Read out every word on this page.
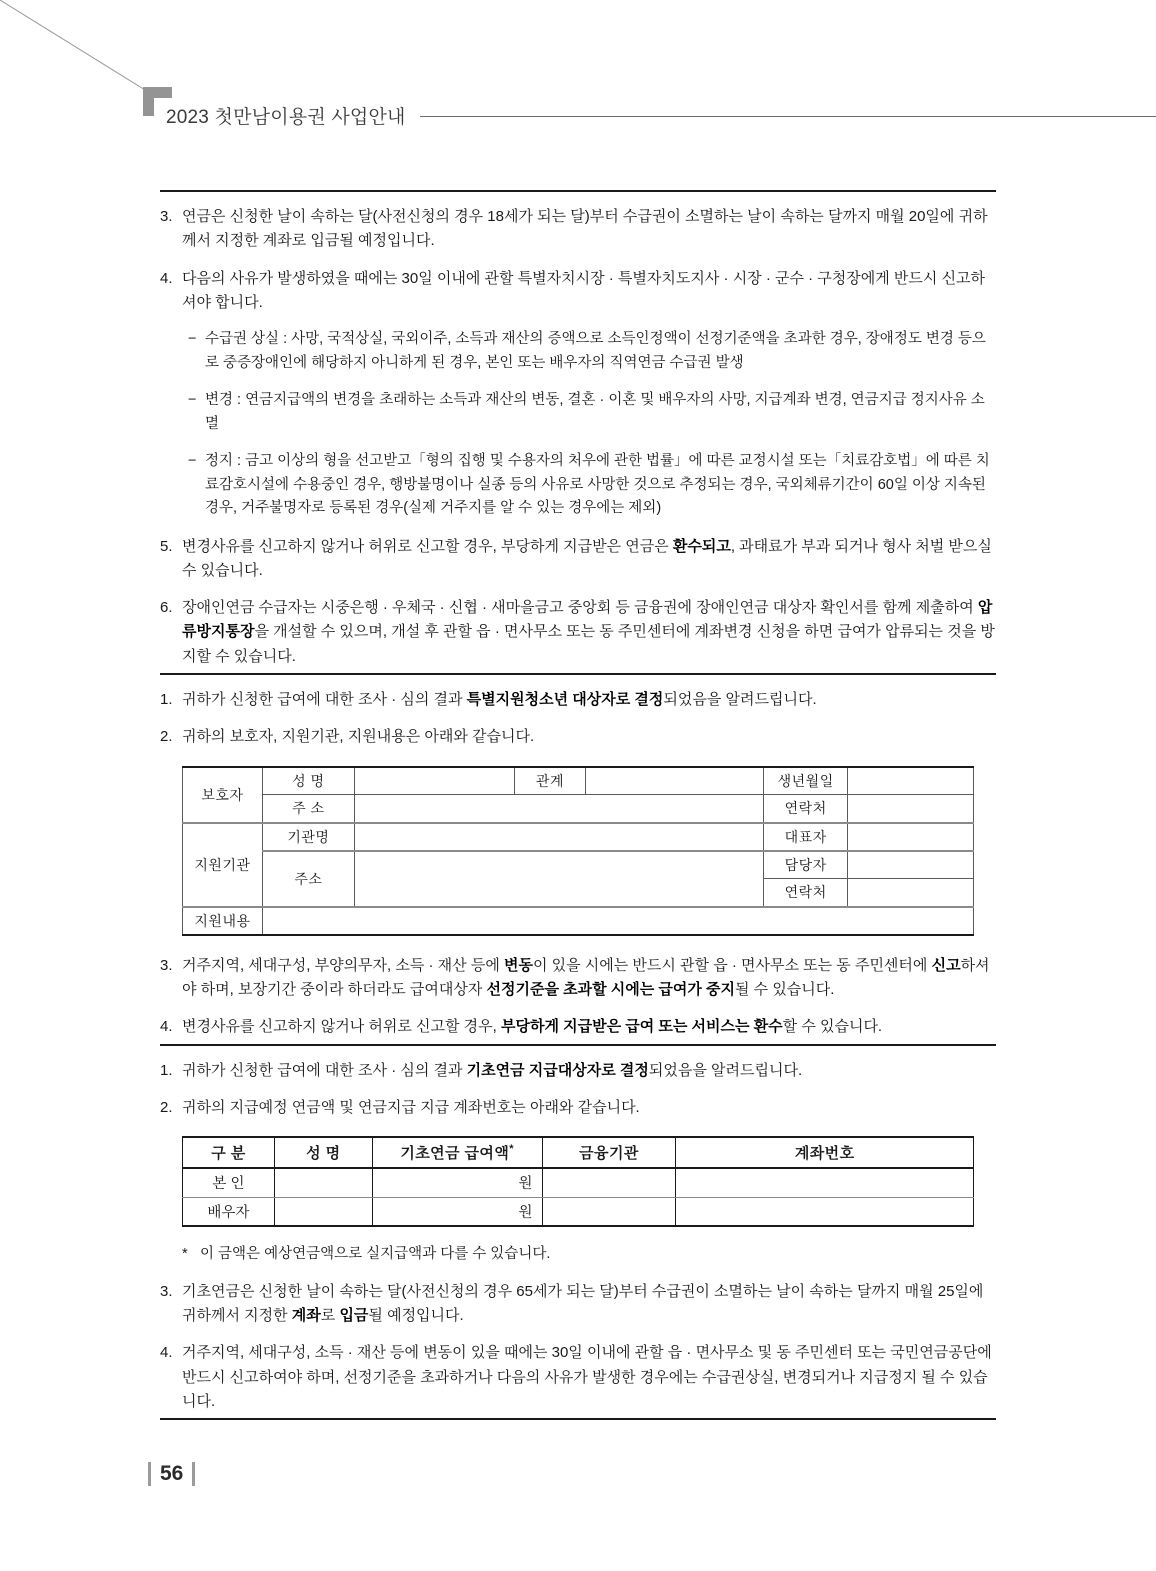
2023 첫만남이용권 사업안내
3. 연금은 신청한 날이 속하는 달(사전신청의 경우 18세가 되는 달)부터 수급권이 소멸하는 날이 속하는 달까지 매월 20일에 귀하께서 지정한 계좌로 입금될 예정입니다.
4. 다음의 사유가 발생하였을 때에는 30일 이내에 관할 특별자치시장 · 특별자치도지사 · 시장 · 군수 · 구청장에게 반드시 신고하셔야 합니다.
− 수급권 상실 : 사망, 국적상실, 국외이주, 소득과 재산의 증액으로 소득인정액이 선정기준액을 초과한 경우, 장애정도 변경 등으로 중증장애인에 해당하지 아니하게 된 경우, 본인 또는 배우자의 직역연금 수급권 발생
− 변경 : 연금지급액의 변경을 초래하는 소득과 재산의 변동, 결혼 · 이혼 및 배우자의 사망, 지급계좌 변경, 연금지급 정지사유 소멸
− 정지 : 금고 이상의 형을 선고받고「형의 집행 및 수용자의 처우에 관한 법률」에 따른 교정시설 또는「치료감호법」에 따른 치료감호시설에 수용중인 경우, 행방불명이나 실종 등의 사유로 사망한 것으로 추정되는 경우, 국외체류기간이 60일 이상 지속된 경우, 거주불명자로 등록된 경우(실제 거주지를 알 수 있는 경우에는 제외)
5. 변경사유를 신고하지 않거나 허위로 신고할 경우, 부당하게 지급받은 연금은 환수되고, 과태료가 부과 되거나 형사 처벌 받으실 수 있습니다.
6. 장애인연금 수급자는 시중은행 · 우체국 · 신협 · 새마을금고 중앙회 등 금융권에 장애인연금 대상자 확인서를 함께 제출하여 압류방지통장을 개설할 수 있으며, 개설 후 관할 읍 · 면사무소 또는 동 주민센터에 계좌변경 신청을 하면 급여가 압류되는 것을 방지할 수 있습니다.
1. 귀하가 신청한 급여에 대한 조사 · 심의 결과 특별지원청소년 대상자로 결정되었음을 알려드립니다.
2. 귀하의 보호자, 지원기관, 지원내용은 아래와 같습니다.
보호자	성 명		관계		생년월일	
	주 소				연락처	
지원기관	기관명				대표자	
	주소				담당자	
					연락처	
지원내용						
3. 거주지역, 세대구성, 부양의무자, 소득 · 재산 등에 변동이 있을 시에는 반드시 관할 읍 · 면사무소 또는 동 주민센터에 신고하셔야 하며, 보장기간 중이라 하더라도 급여대상자 선정기준을 초과할 시에는 급여가 중지될 수 있습니다.
4. 변경사유를 신고하지 않거나 허위로 신고할 경우, 부당하게 지급받은 급여 또는 서비스는 환수할 수 있습니다.
1. 귀하가 신청한 급여에 대한 조사 · 심의 결과 기초연금 지급대상자로 결정되었음을 알려드립니다.
2. 귀하의 지급예정 연금액 및 연금지급 지급 계좌번호는 아래와 같습니다.
구 분	성 명	기초연금 급여액*	금융기관	계좌번호
본 인		원		
배우자		원		
* 이 금액은 예상연금액으로 실지급액과 다를 수 있습니다.
3. 기초연금은 신청한 날이 속하는 달(사전신청의 경우 65세가 되는 달)부터 수급권이 소멸하는 날이 속하는 달까지 매월 25일에 귀하께서 지정한 계좌로 입금될 예정입니다.
4. 거주지역, 세대구성, 소득 · 재산 등에 변동이 있을 때에는 30일 이내에 관할 읍 · 면사무소 및 동 주민센터 또는 국민연금공단에 반드시 신고하여야 하며, 선정기준을 초과하거나 다음의 사유가 발생한 경우에는 수급권상실, 변경되거나 지급정지 될 수 있습니다.
56
